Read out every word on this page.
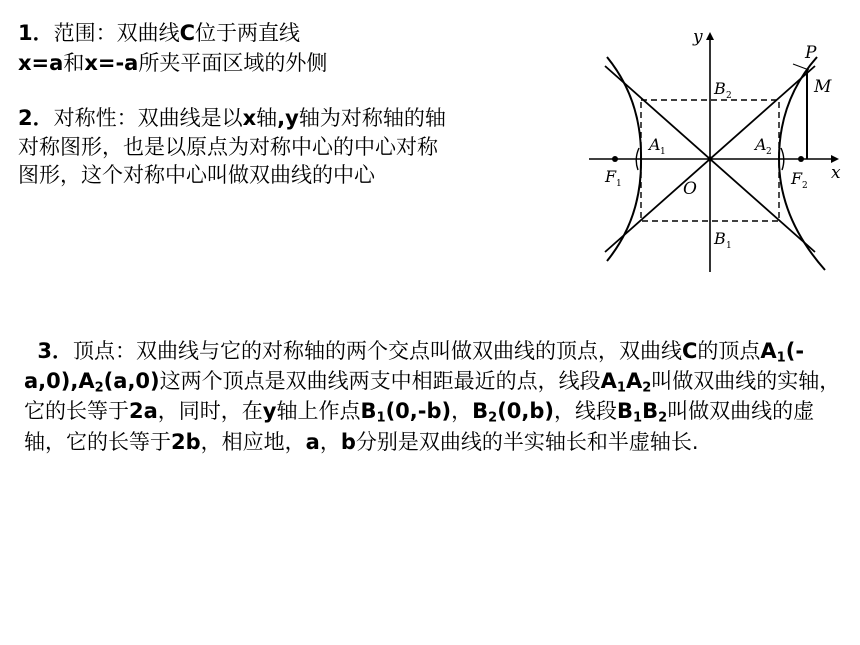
1．范围：双曲线C位于两直线
x=a和x=-a所夹平面区域的外侧
2．对称性：双曲线是以x轴,y轴为对称轴的轴对称图形，也是以原点为对称中心的中心对称图形，这个对称中心叫做双曲线的中心
y
x
P
M
O
B 2
B 1
A 1	A 2
F 1	F 2
3．顶点：双曲线与它的对称轴的两个交点叫做双曲线的顶点，双曲线C的顶点$A_1(-a,0),A_2(a,0)$这两个顶点是双曲线两支中相距最近的点，线段$A_1A_2$叫做双曲线的实轴，它的长等于2a，同时，在y轴上作点$B_1(0,-b)$，$B_2(0,b)$，线段$B_1B_2$叫做双曲线的虚轴，它的长等于2b，相应地，a，b分别是双曲线的半实轴长和半虚轴长.
